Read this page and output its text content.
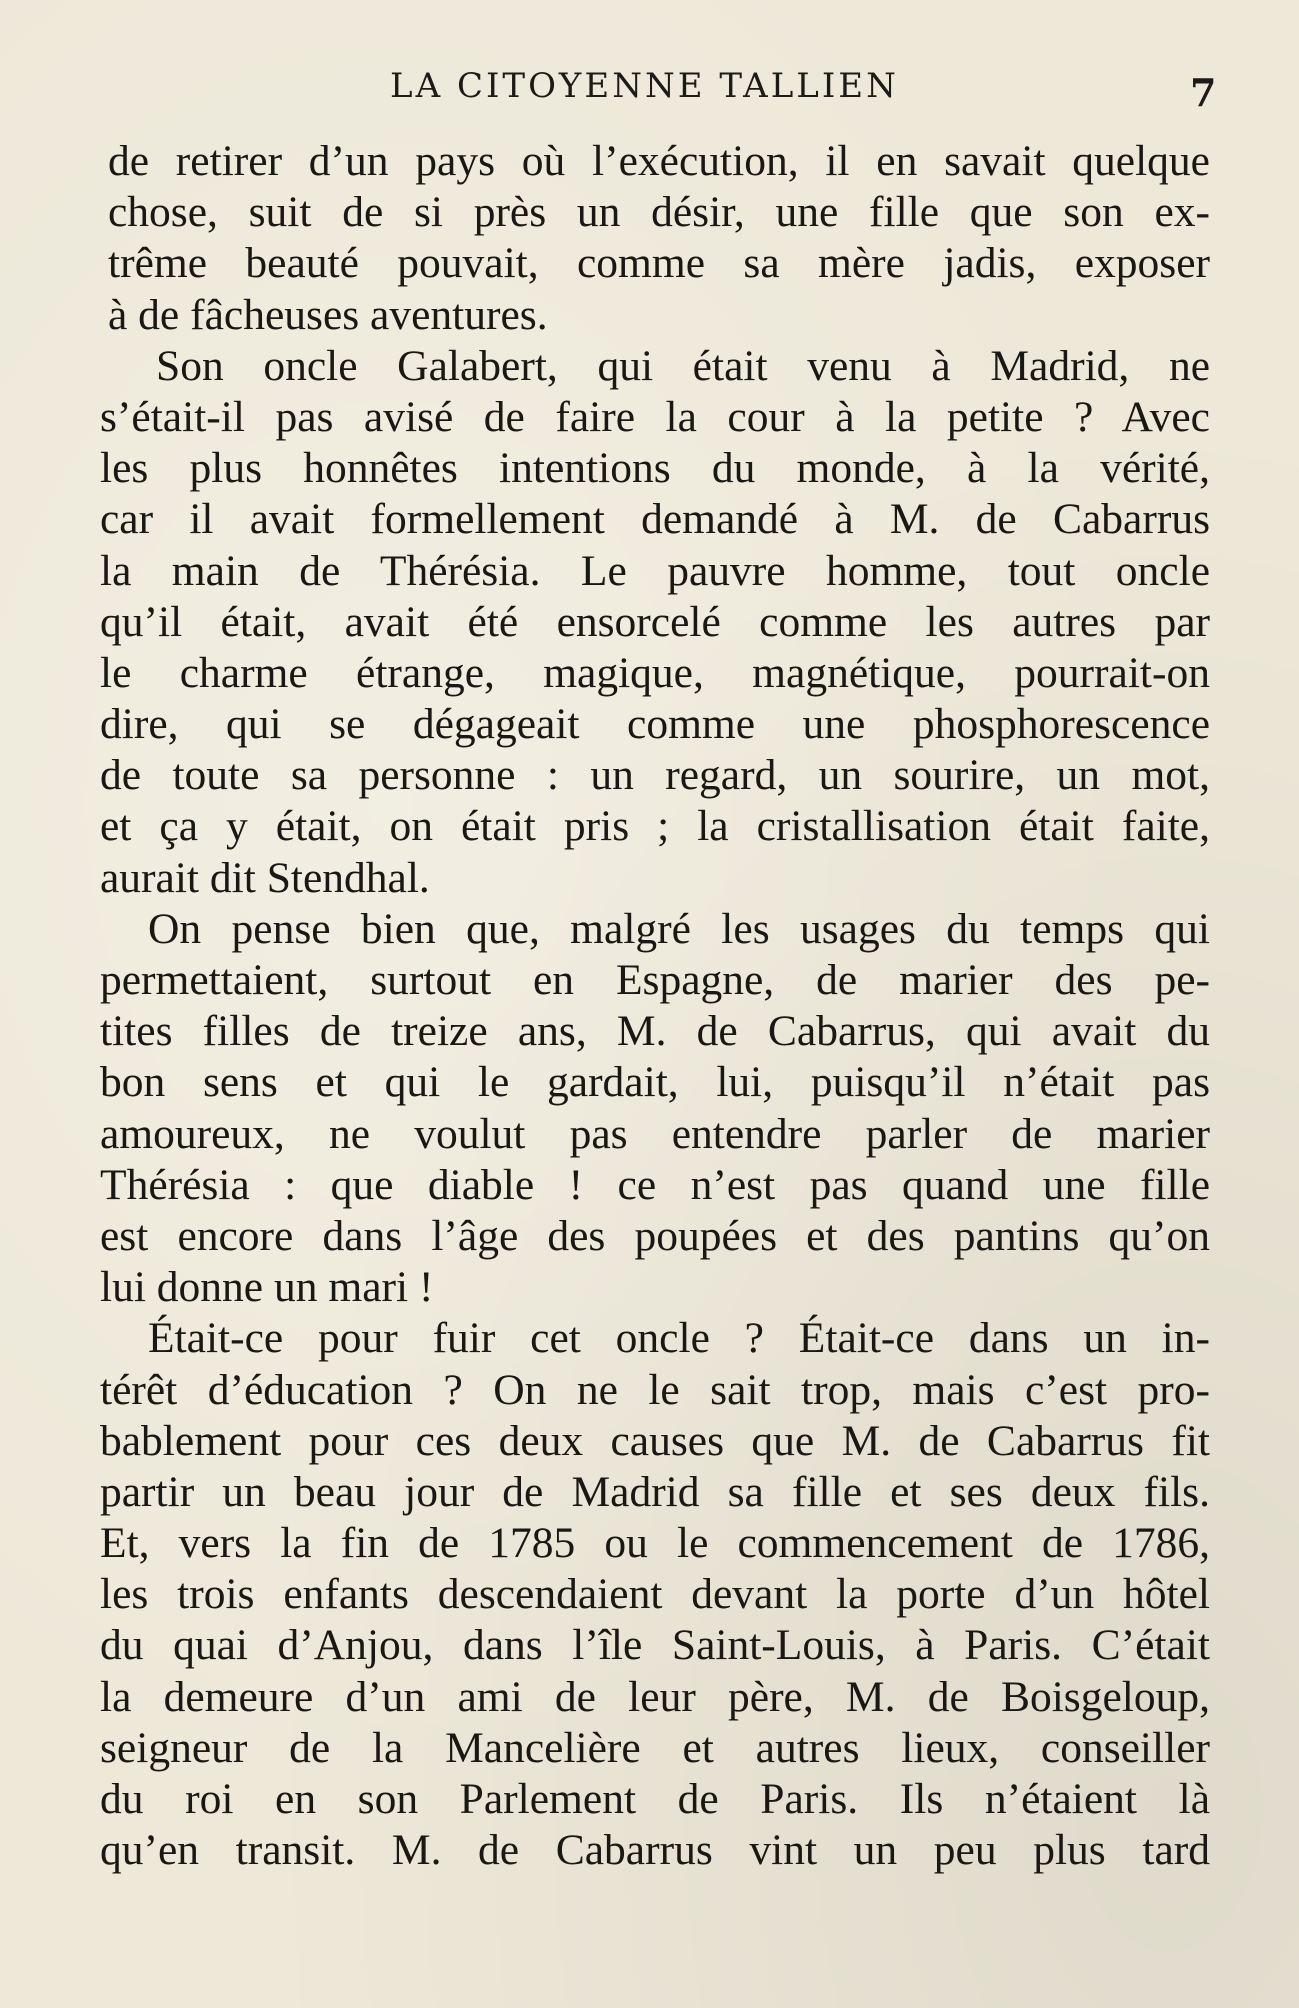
LA CITOYENNE TALLIEN	7
de retirer d’un pays où l’exécution, il en savait quelque
chose, suit de si près un désir, une fille que son ex-
trême beauté pouvait, comme sa mère jadis, exposer
à de fâcheuses aventures.
Son oncle Galabert, qui était venu à Madrid, ne
s’était-il pas avisé de faire la cour à la petite ? Avec
les plus honnêtes intentions du monde, à la vérité,
car il avait formellement demandé à M. de Cabarrus
la main de Thérésia. Le pauvre homme, tout oncle
qu’il était, avait été ensorcelé comme les autres par
le charme étrange, magique, magnétique, pourrait-on
dire, qui se dégageait comme une phosphorescence
de toute sa personne : un regard, un sourire, un mot,
et ça y était, on était pris ; la cristallisation était faite,
aurait dit Stendhal.
On pense bien que, malgré les usages du temps qui
permettaient, surtout en Espagne, de marier des pe-
tites filles de treize ans, M. de Cabarrus, qui avait du
bon sens et qui le gardait, lui, puisqu’il n’était pas
amoureux, ne voulut pas entendre parler de marier
Thérésia : que diable ! ce n’est pas quand une fille
est encore dans l’âge des poupées et des pantins qu’on
lui donne un mari !
Était-ce pour fuir cet oncle ? Était-ce dans un in-
térêt d’éducation ? On ne le sait trop, mais c’est pro-
bablement pour ces deux causes que M. de Cabarrus fit
partir un beau jour de Madrid sa fille et ses deux fils.
Et, vers la fin de 1785 ou le commencement de 1786,
les trois enfants descendaient devant la porte d’un hôtel
du quai d’Anjou, dans l’île Saint-Louis, à Paris. C’était
la demeure d’un ami de leur père, M. de Boisgeloup,
seigneur de la Mancelière et autres lieux, conseiller
du roi en son Parlement de Paris. Ils n’étaient là
qu’en transit. M. de Cabarrus vint un peu plus tard
